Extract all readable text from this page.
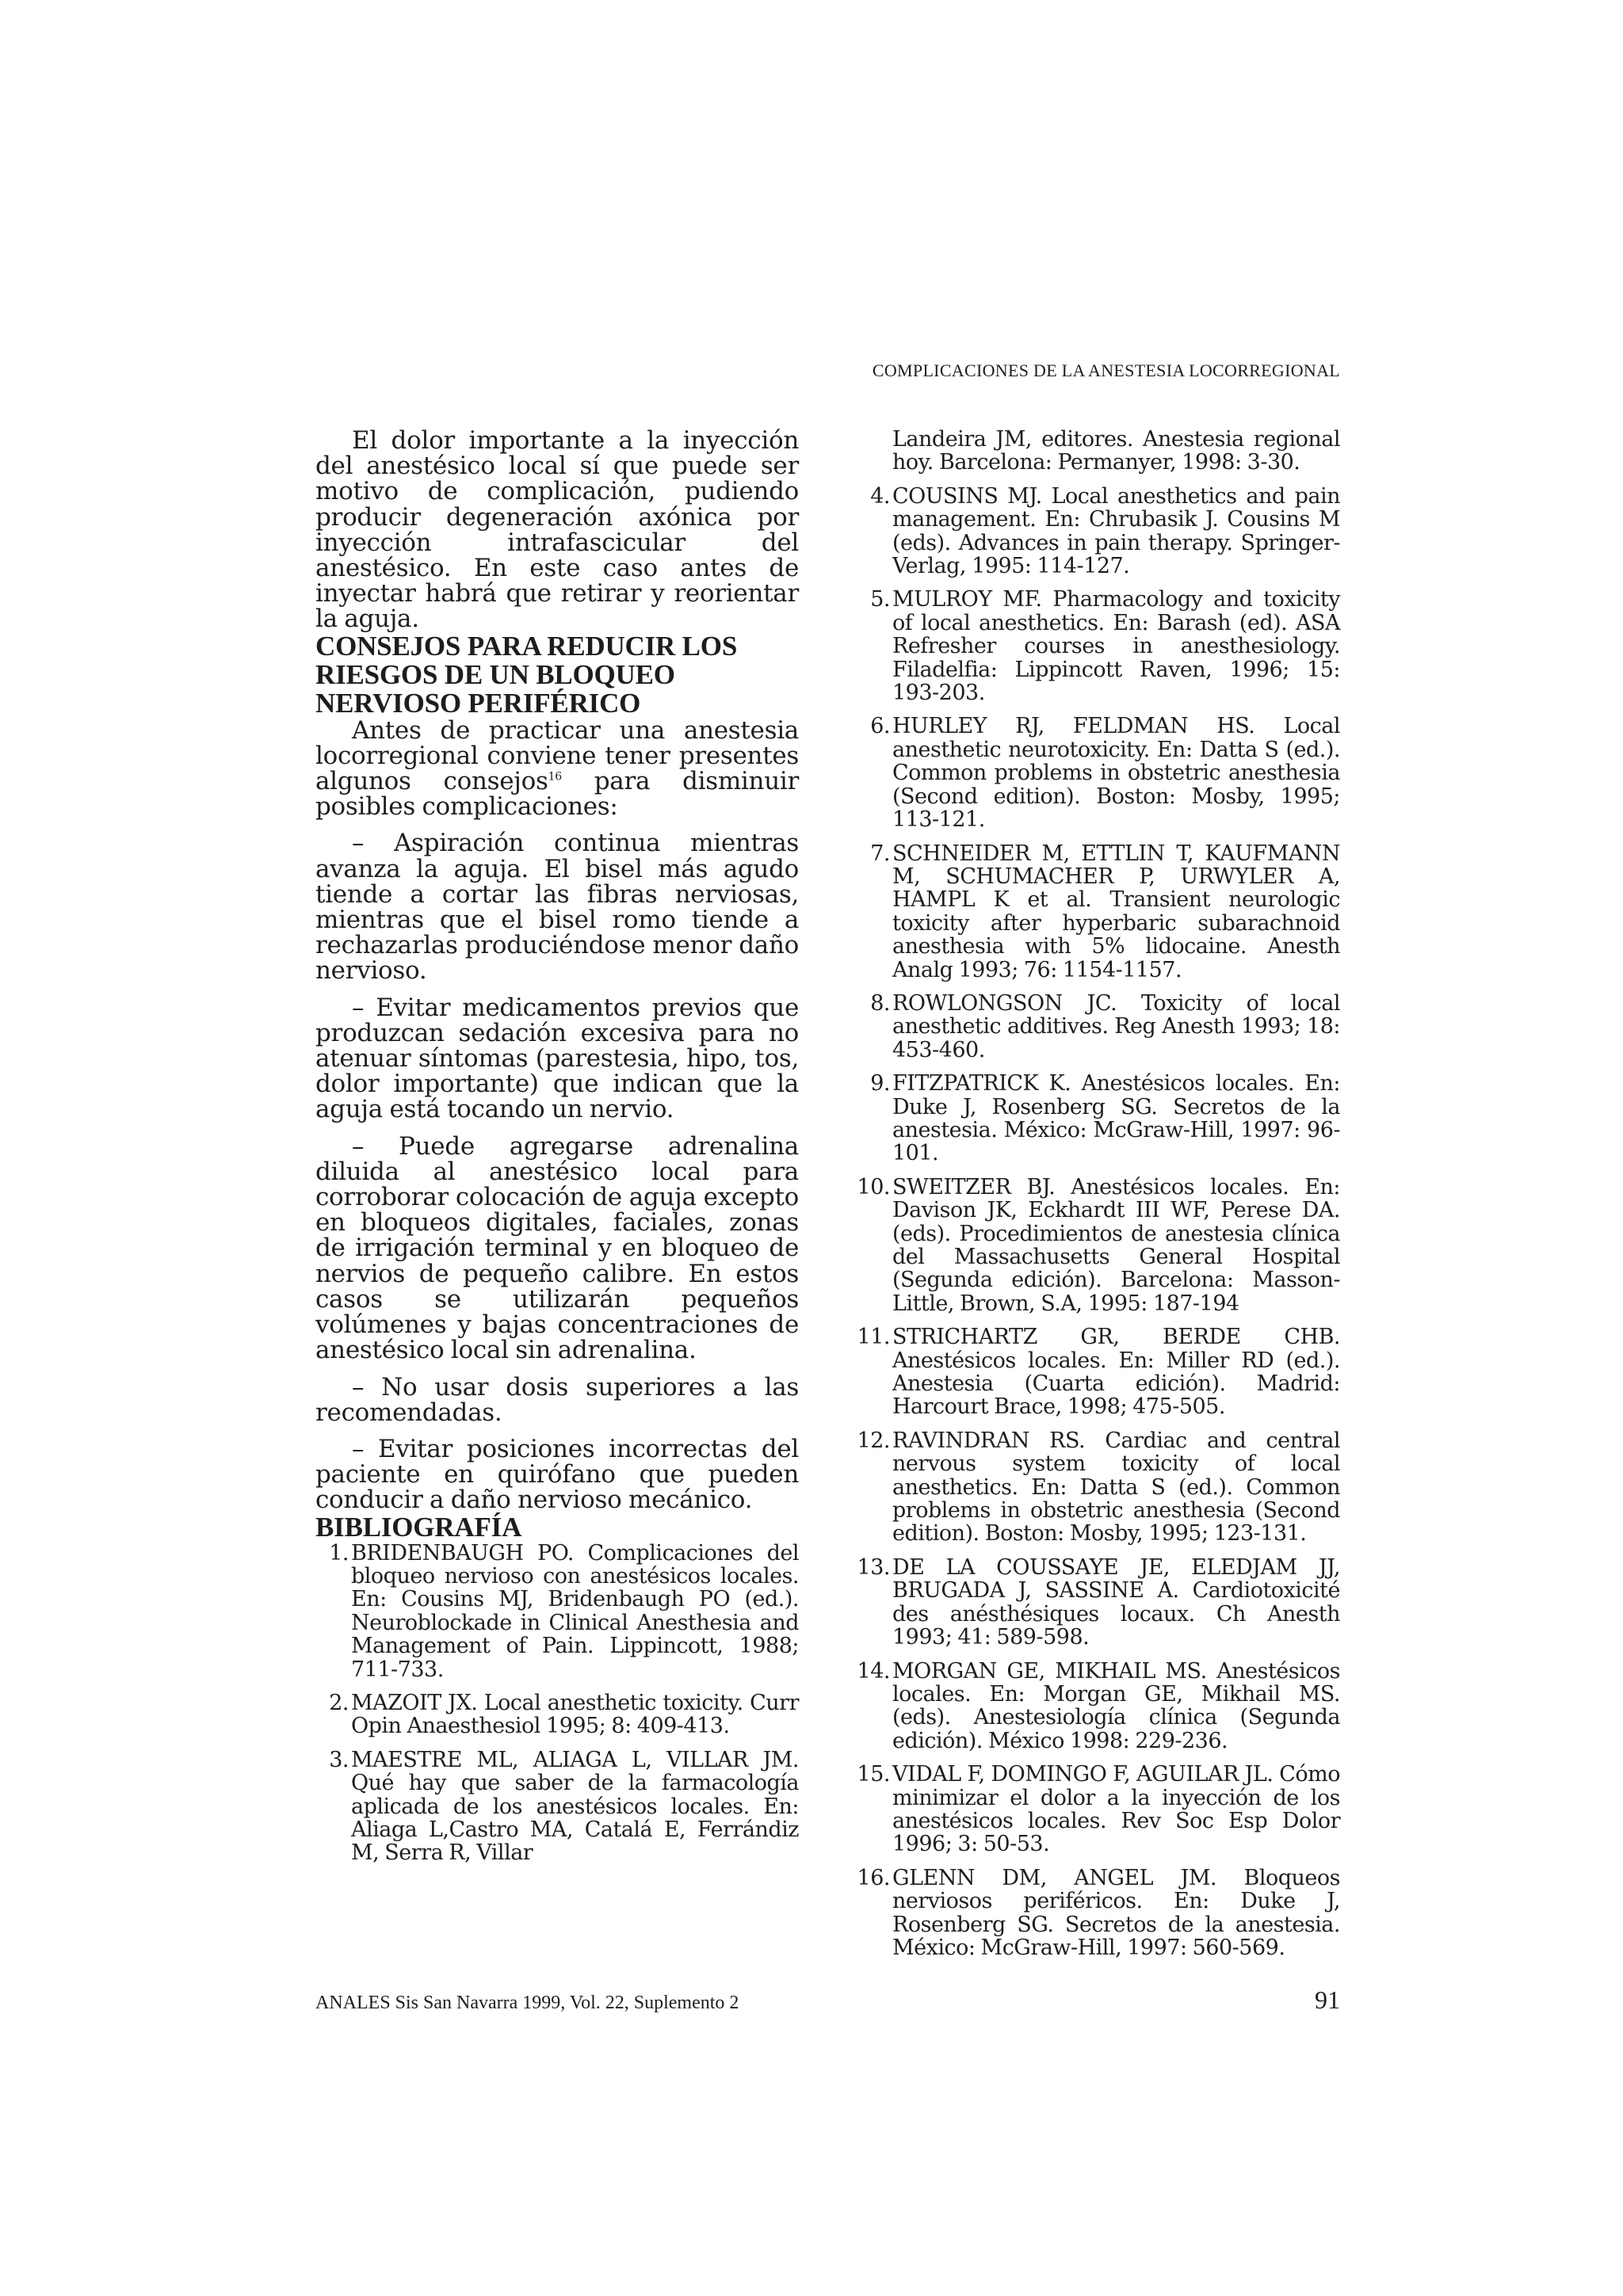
COMPLICACIONES DE LA ANESTESIA LOCORREGIONAL

El dolor importante a la inyección del anestésico local sí que puede ser motivo de complicación, pudiendo producir degeneración axónica por inyección intrafascicular del anestésico. En este caso antes de inyectar habrá que retirar y reorientar la aguja.

CONSEJOS PARA REDUCIR LOS RIESGOS DE UN BLOQUEO NERVIOSO PERIFÉRICO

Antes de practicar una anestesia locorregional conviene tener presentes algunos consejos$^{16}$ para disminuir posibles complicaciones:

– Aspiración continua mientras avanza la aguja. El bisel más agudo tiende a cortar las fibras nerviosas, mientras que el bisel romo tiende a rechazarlas produciéndose menor daño nervioso.

– Evitar medicamentos previos que produzcan sedación excesiva para no atenuar síntomas (parestesia, hipo, tos, dolor importante) que indican que la aguja está tocando un nervio.

– Puede agregarse adrenalina diluida al anestésico local para corroborar colocación de aguja excepto en bloqueos digitales, faciales, zonas de irrigación terminal y en bloqueo de nervios de pequeño calibre. En estos casos se utilizarán pequeños volúmenes y bajas concentraciones de anestésico local sin adrenalina.

– No usar dosis superiores a las recomendadas.

– Evitar posiciones incorrectas del paciente en quirófano que pueden conducir a daño nervioso mecánico.

BIBLIOGRAFÍA
1. BRIDENBAUGH PO. Complicaciones del bloqueo nervioso con anestésicos locales. En: Cousins MJ, Bridenbaugh PO (ed.). Neuroblockade in Clinical Anesthesia and Management of Pain. Lippincott, 1988; 711-733.
2. MAZOIT JX. Local anesthetic toxicity. Curr Opin Anaesthesiol 1995; 8: 409-413.
3. MAESTRE ML, ALIAGA L, VILLAR JM. Qué hay que saber de la farmacología aplicada de los anestésicos locales. En: Aliaga L,Castro MA, Catalá E, Ferrándiz M, Serra R, Villar

Landeira JM, editores. Anestesia regional hoy. Barcelona: Permanyer, 1998: 3-30.

4. COUSINS MJ. Local anesthetics and pain management. En: Chrubasik J. Cousins M (eds). Advances in pain therapy. Springer-Verlag, 1995: 114-127.
5. MULROY MF. Pharmacology and toxicity of local anesthetics. En: Barash (ed). ASA Refresher courses in anesthesiology. Filadelfia: Lippincott Raven, 1996; 15: 193-203.
6. HURLEY RJ, FELDMAN HS. Local anesthetic neurotoxicity. En: Datta S (ed.). Common problems in obstetric anesthesia (Second edition). Boston: Mosby, 1995; 113-121.
7. SCHNEIDER M, ETTLIN T, KAUFMANN M, SCHUMACHER P, URWYLER A, HAMPL K et al. Transient neurologic toxicity after hyperbaric subarachnoid anesthesia with 5% lidocaine. Anesth Analg 1993; 76: 1154-1157.
8. ROWLONGSON JC. Toxicity of local anesthetic additives. Reg Anesth 1993; 18: 453-460.
9. FITZPATRICK K. Anestésicos locales. En: Duke J, Rosenberg SG. Secretos de la anestesia. México: McGraw-Hill, 1997: 96-101.
10. SWEITZER BJ. Anestésicos locales. En: Davison JK, Eckhardt III WF, Perese DA. (eds). Procedimientos de anestesia clínica del Massachusetts General Hospital (Segunda edición). Barcelona: Masson-Little, Brown, S.A, 1995: 187-194
11. STRICHARTZ GR, BERDE CHB. Anestésicos locales. En: Miller RD (ed.). Anestesia (Cuarta edición). Madrid: Harcourt Brace, 1998; 475-505.
12. RAVINDRAN RS. Cardiac and central nervous system toxicity of local anesthetics. En: Datta S (ed.). Common problems in obstetric anesthesia (Second edition). Boston: Mosby, 1995; 123-131.
13. DE LA COUSSAYE JE, ELEDJAM JJ, BRUGADA J, SASSINE A. Cardiotoxicité des anésthésiques locaux. Ch Anesth 1993; 41: 589-598.
14. MORGAN GE, MIKHAIL MS. Anestésicos locales. En: Morgan GE, Mikhail MS. (eds). Anestesiología clínica (Segunda edición). México 1998: 229-236.
15. VIDAL F, DOMINGO F, AGUILAR JL. Cómo minimizar el dolor a la inyección de los anestésicos locales. Rev Soc Esp Dolor 1996; 3: 50-53.
16. GLENN DM, ANGEL JM. Bloqueos nerviosos periféricos. En: Duke J, Rosenberg SG. Secretos de la anestesia. México: McGraw-Hill, 1997: 560-569.
ANALES Sis San Navarra 1999, Vol. 22, Suplemento 2	91
